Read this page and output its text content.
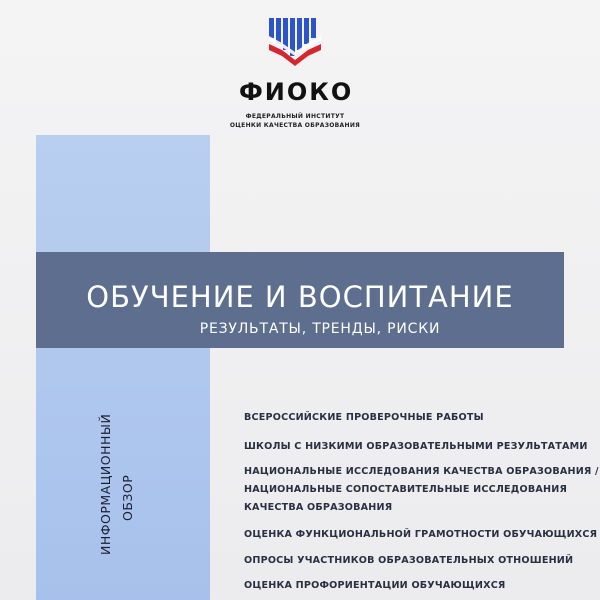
ФИОКО
ФЕДЕРАЛЬНЫЙ ИНСТИТУТ
ОЦЕНКИ КАЧЕСТВА ОБРАЗОВАНИЯ
ИНФОРМАЦИОННЫЙ ОБЗОР
ОБУЧЕНИЕ И ВОСПИТАНИЕ
РЕЗУЛЬТАТЫ, ТРЕНДЫ, РИСКИ
ВСЕРОССИЙСКИЕ ПРОВЕРОЧНЫЕ РАБОТЫ
ШКОЛЫ С НИЗКИМИ ОБРАЗОВАТЕЛЬНЫМИ РЕЗУЛЬТАТАМИ
НАЦИОНАЛЬНЫЕ ИССЛЕДОВАНИЯ КАЧЕСТВА ОБРАЗОВАНИЯ /
НАЦИОНАЛЬНЫЕ СОПОСТАВИТЕЛЬНЫЕ ИССЛЕДОВАНИЯ
КАЧЕСТВА ОБРАЗОВАНИЯ
ОЦЕНКА ФУНКЦИОНАЛЬНОЙ ГРАМОТНОСТИ ОБУЧАЮЩИХСЯ
ОПРОСЫ УЧАСТНИКОВ ОБРАЗОВАТЕЛЬНЫХ ОТНОШЕНИЙ
ОЦЕНКА ПРОФОРИЕНТАЦИИ ОБУЧАЮЩИХСЯ
